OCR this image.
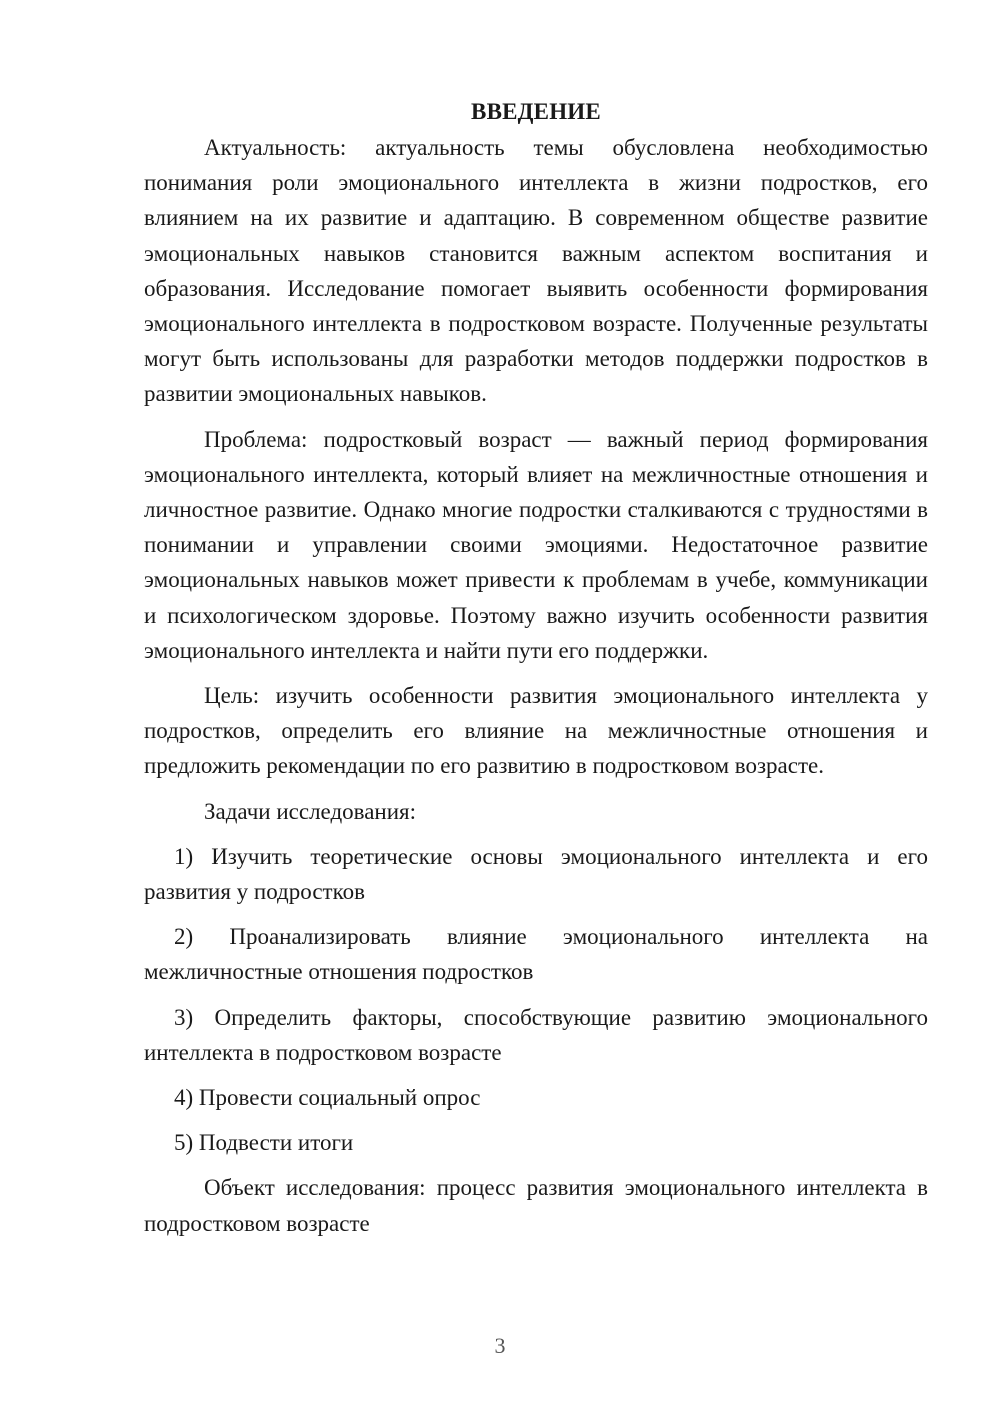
ВВЕДЕНИЕ

Актуальность: актуальность темы обусловлена необходимостью понимания роли эмоционального интеллекта в жизни подростков, его влиянием на их развитие и адаптацию. В современном обществе развитие эмоциональных навыков становится важным аспектом воспитания и образования. Исследование помогает выявить особенности формирования эмоционального интеллекта в подростковом возрасте. Полученные результаты могут быть использованы для разработки методов поддержки подростков в развитии эмоциональных навыков.

Проблема: подростковый возраст — важный период формирования эмоционального интеллекта, который влияет на межличностные отношения и личностное развитие. Однако многие подростки сталкиваются с трудностями в понимании и управлении своими эмоциями. Недостаточное развитие эмоциональных навыков может привести к проблемам в учебе, коммуникации и психологическом здоровье. Поэтому важно изучить особенности развития эмоционального интеллекта и найти пути его поддержки.

Цель: изучить особенности развития эмоционального интеллекта у подростков, определить его влияние на межличностные отношения и предложить рекомендации по его развитию в подростковом возрасте.

Задачи исследования:

1) Изучить теоретические основы эмоционального интеллекта и его развития у подростков

2) Проанализировать влияние эмоционального интеллекта на межличностные отношения подростков

3) Определить факторы, способствующие развитию эмоционального интеллекта в подростковом возрасте

4) Провести социальный опрос

5) Подвести итоги

Объект исследования: процесс развития эмоционального интеллекта в подростковом возрасте

3
